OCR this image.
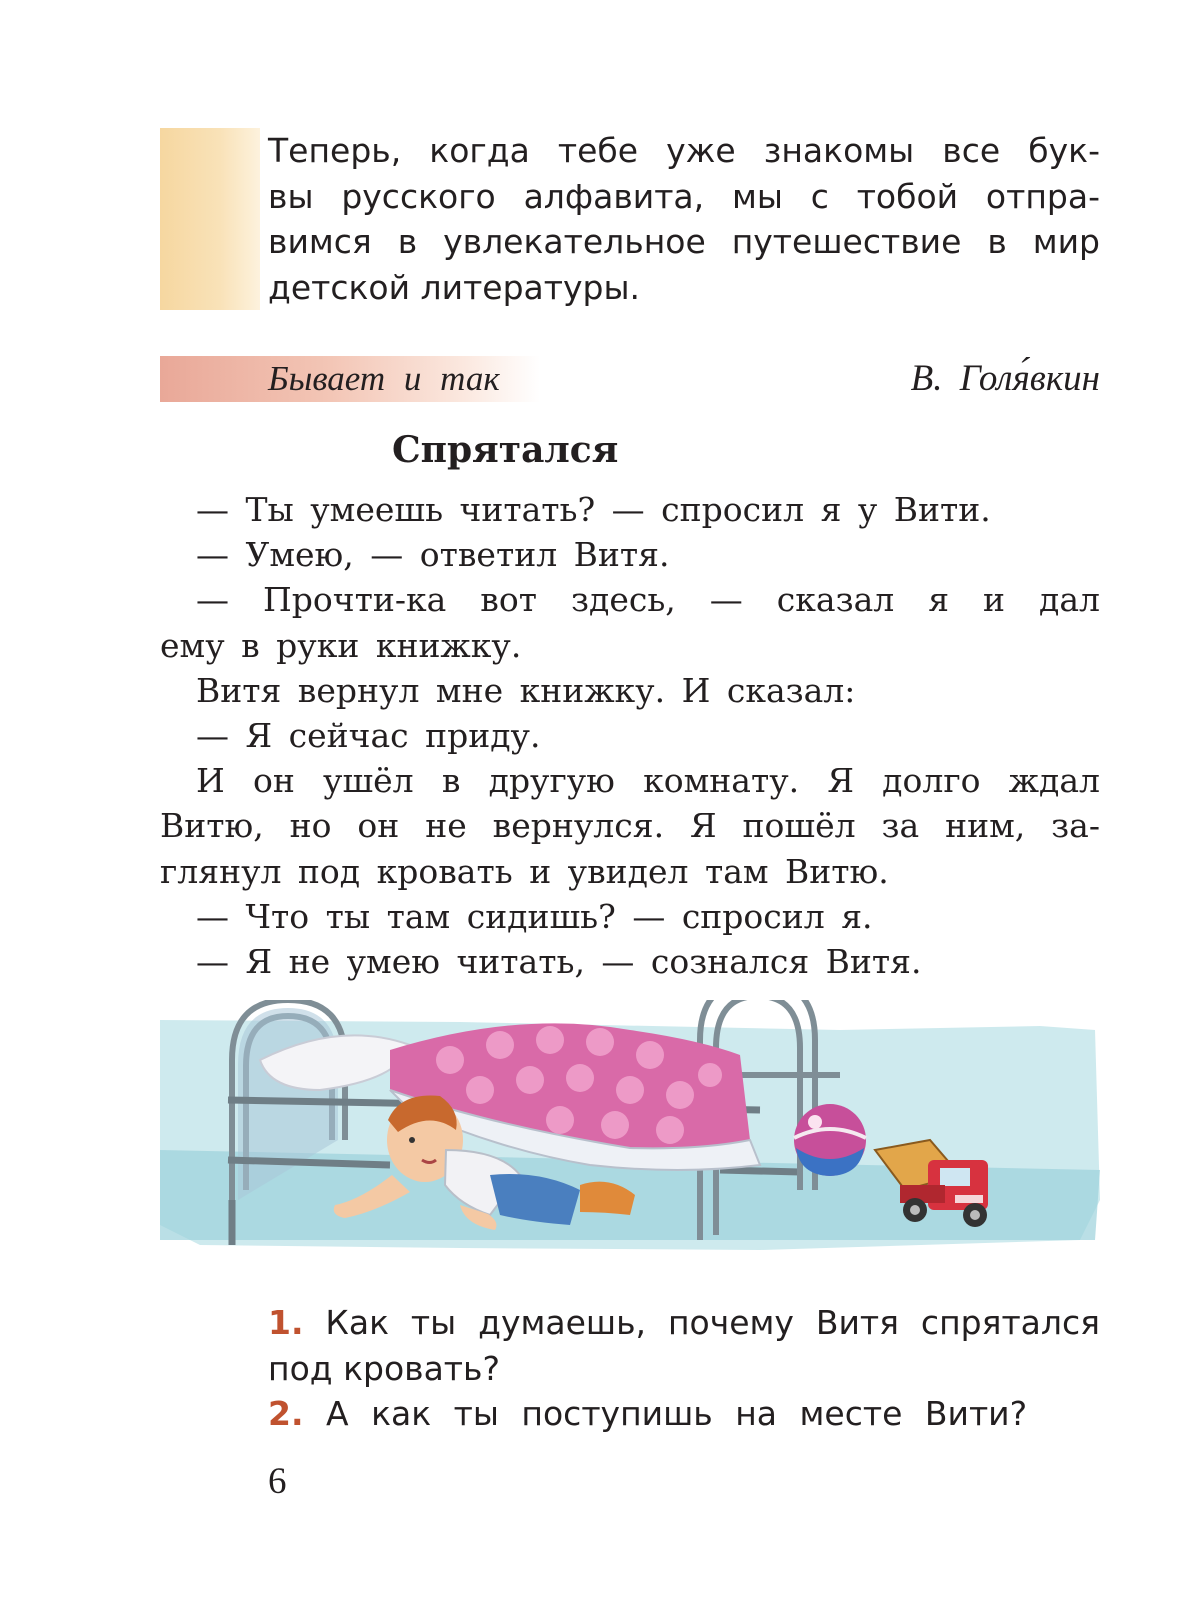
Теперь, когда тебе уже знакомы все бук-
вы русского алфавита, мы с тобой отпра-
вимся в увлекательное путешествие в мир
детской литературы.

Бывает и так	В. Голя́вкин
Спрятался
— Ты умеешь читать? — спросил я у Вити.
— Умею, — ответил Витя.
— Прочти-ка вот здесь, — сказал я и дал
ему в руки книжку.
Витя вернул мне книжку. И сказал:
— Я сейчас приду.
И он ушёл в другую комнату. Я долго ждал
Витю, но он не вернулся. Я пошёл за ним, за-
глянул под кровать и увидел там Витю.
— Что ты там сидишь? — спросил я.
— Я не умею читать, — сознался Витя.
1. Как ты думаешь, почему Витя спрятался
под кровать?
2. А как ты поступишь на месте Вити?
6
